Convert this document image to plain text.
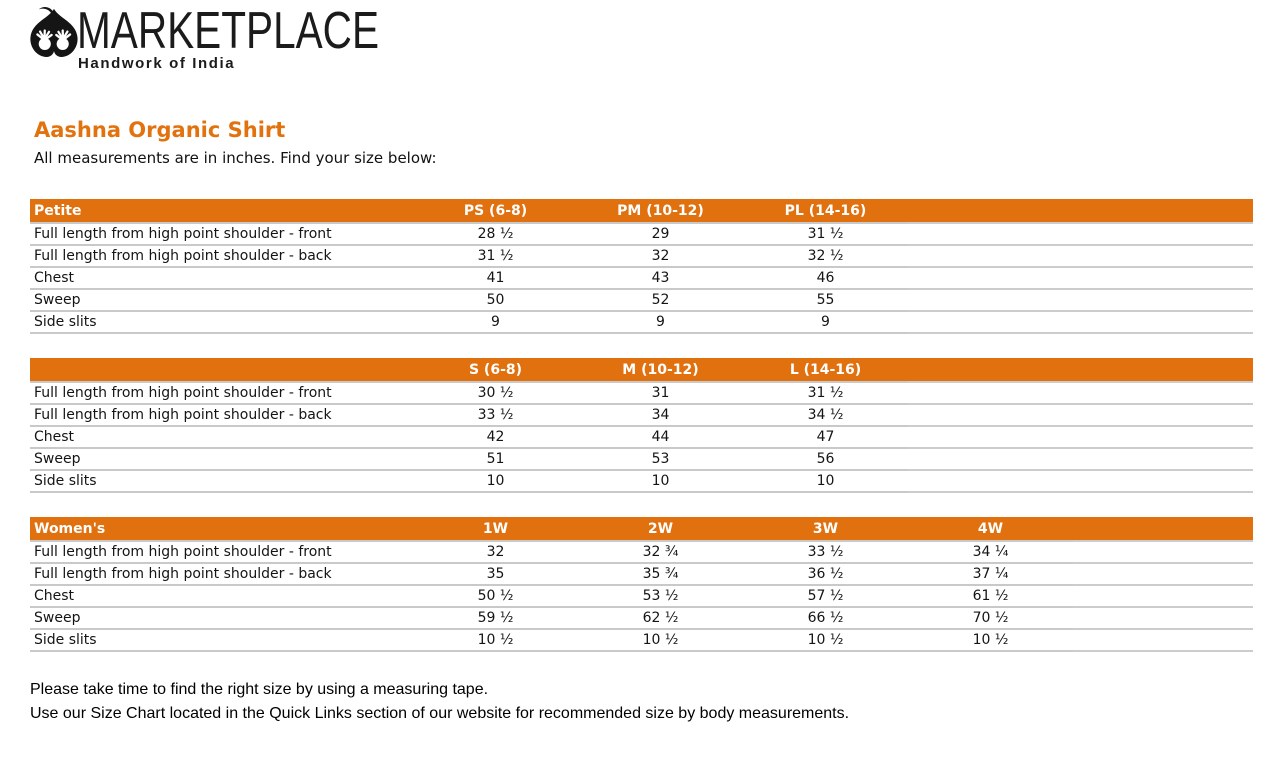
MARKETPLACE
Handwork of India
Aashna Organic Shirt

All measurements are in inches. Find your size below:

Petite	PS (6-8)	PM (10-12)	PL (14-16)	
Full length from high point shoulder - front	28 ½	29	31 ½	
Full length from high point shoulder - back	31 ½	32	32 ½	
Chest	41	43	46	
Sweep	50	52	55	
Side slits	9	9	9	
	S (6-8)	M (10-12)	L (14-16)	
Full length from high point shoulder - front	30 ½	31	31 ½	
Full length from high point shoulder - back	33 ½	34	34 ½	
Chest	42	44	47	
Sweep	51	53	56	
Side slits	10	10	10	
Women's	1W	2W	3W	4W	
Full length from high point shoulder - front	32	32 ¾	33 ½	34 ¼	
Full length from high point shoulder - back	35	35 ¾	36 ½	37 ¼	
Chest	50 ½	53 ½	57 ½	61 ½	
Sweep	59 ½	62 ½	66 ½	70 ½	
Side slits	10 ½	10 ½	10 ½	10 ½	
Please take time to find the right size by using a measuring tape.
Use our Size Chart located in the Quick Links section of our website for recommended size by body measurements.
